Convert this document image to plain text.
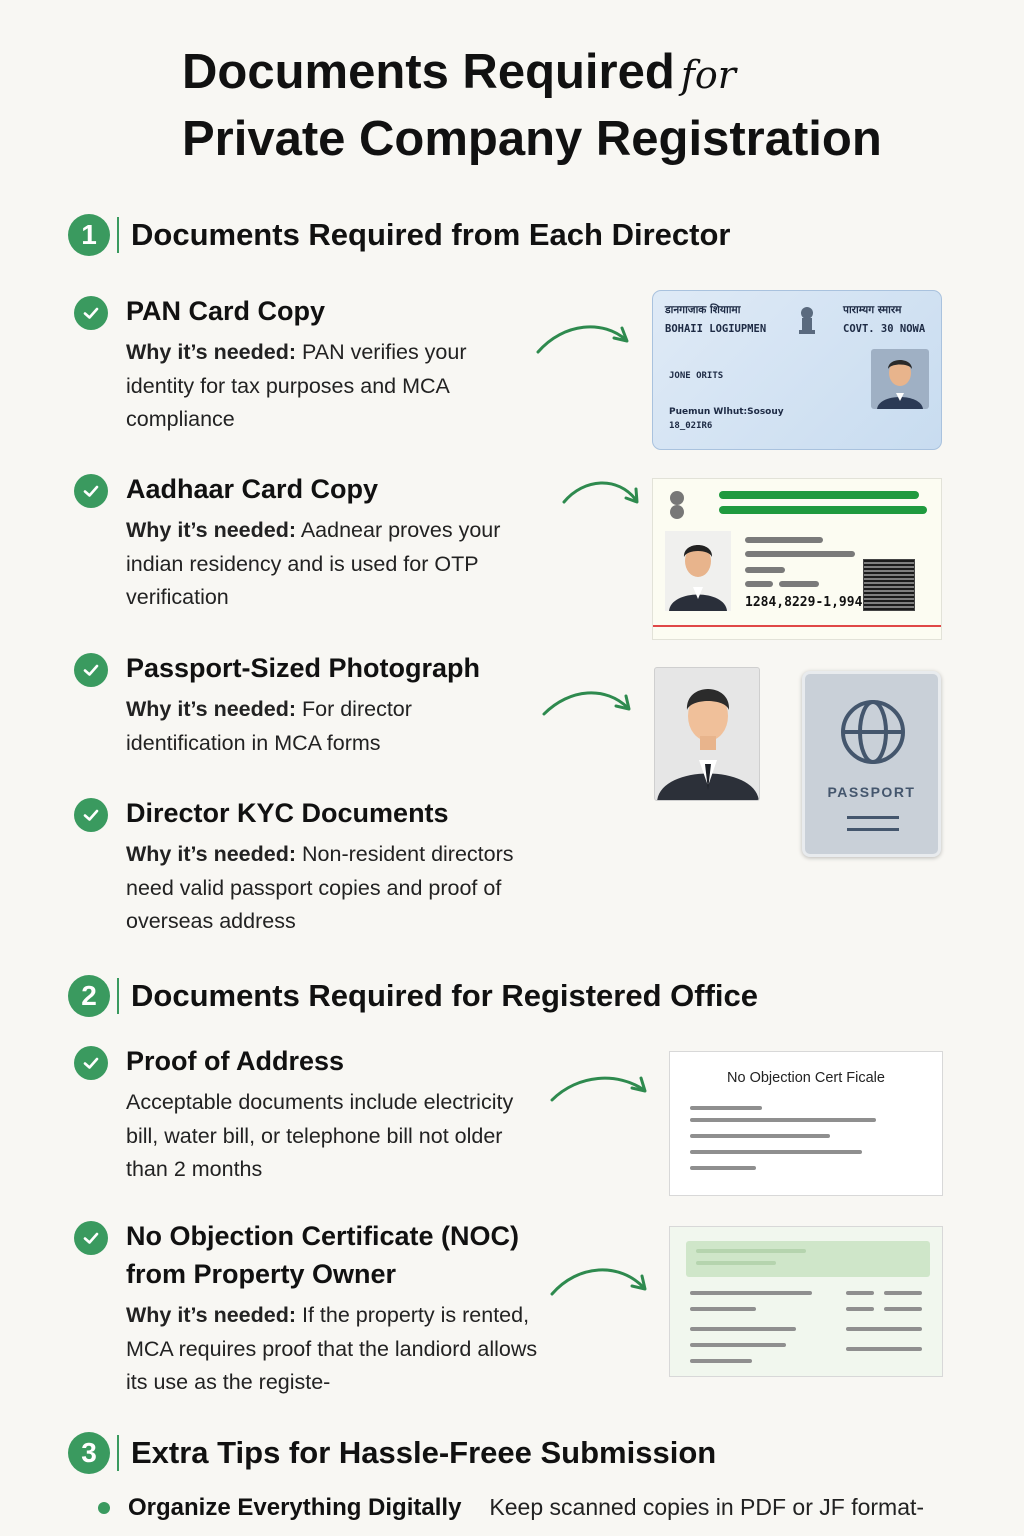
Documents Required for
Private Company Registration
1	Documents Required from Each Director
PAN Card Copy
Why it’s needed: PAN verifies your identity for tax purposes and MCA compliance
Aadhaar Card Copy
Why it’s needed: Aadnear proves your indian residency and is used for OTP verification
Passport-Sized Photograph
Why it’s needed: For director identification in MCA forms
Director KYC Documents
Why it’s needed: Non-resident directors need valid passport copies and proof of overseas address
डानगाजाक शियाामा	पाराम्यग स्मारम
BOHAII LOGIUPMEN	COVT. 30 NOWA
JONE ORITS
Puemun Wlhut:Sosouy
18_02IR6
1284,8229-1,994
PASSPORT
2	Documents Required for Registered Office
Proof of Address
Acceptable documents include electricity bill, water bill, or telephone bill not older than 2 months
No Objection Certificate (NOC) from Property Owner
Why it’s needed: If the property is rented, MCA requires proof that the landiord allows its use as the registe-
No Objection Cert Ficale
3	Extra Tips for Hassle-Freee Submission
Organize Everything Digitally Keep scanned copies in PDF or JF format-
